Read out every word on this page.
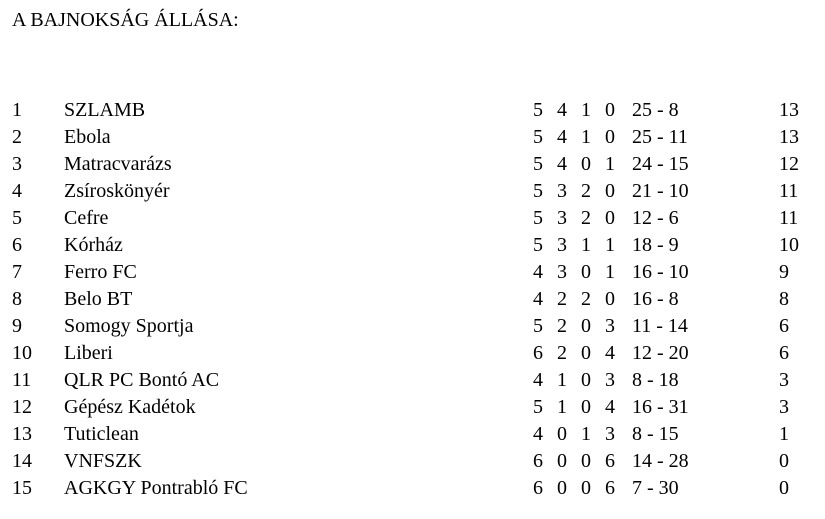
A BAJNOKSÁG ÁLLÁSA:
1 SZLAMB	5 4 1 0 25 - 8	13
2 Ebola	5 4 1 0 25 - 11	13
3 Matracvarázs	5 4 0 1 24 - 15	12
4 Zsíroskönyér	5 3 2 0 21 - 10	11
5 Cefre	5 3 2 0 12 - 6	11
6 Kórház	5 3 1 1 18 - 9	10
7 Ferro FC	4 3 0 1 16 - 10	9
8 Belo BT	4 2 2 0 16 - 8	8
9 Somogy Sportja	5 2 0 3 11 - 14	6
10 Liberi	6 2 0 4 12 - 20	6
11 QLR PC Bontó AC	4 1 0 3 8 - 18	3
12 Gépész Kadétok	5 1 0 4 16 - 31	3
13 Tuticlean	4 0 1 3 8 - 15	1
14 VNFSZK	6 0 0 6 14 - 28	0
15 AGKGY Pontrabló FC	6 0 0 6 7 - 30	0
